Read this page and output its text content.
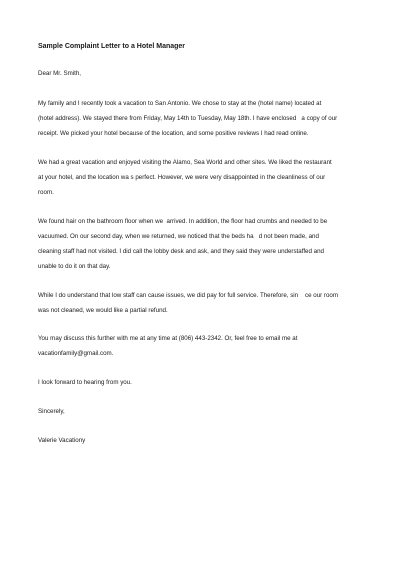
Sample Complaint Letter to a Hotel Manager
Dear Mr. Smith,
My family and I recently took a vacation to San Antonio. We chose to stay at the (hotel name) located at
(hotel address). We stayed there from Friday, May 14th to Tuesday, May 18th. I have enclosed   a copy of our
receipt. We picked your hotel because of the location, and some positive reviews I had read online.
We had a great vacation and enjoyed visiting the Alamo, Sea World and other sites. We liked the restaurant
at your hotel, and the location wa s perfect. However, we were very disappointed in the cleanliness of our
room.
We found hair on the bathroom floor when we  arrived. In addition, the floor had crumbs and needed to be
vacuumed. On our second day, when we returned, we noticed that the beds ha   d not been made, and
cleaning staff had not visited. I did call the lobby desk and ask, and they said they were understaffed and
unable to do it on that day.
While I do understand that low staff can cause issues, we did pay for full service. Therefore, sin    ce our room
was not cleaned, we would like a partial refund.
You may discuss this further with me at any time at (806) 443-2342. Or, feel free to email me at
vacationfamily@gmail.com.
I look forward to hearing from you.
Sincerely,
Valerie Vacationy
